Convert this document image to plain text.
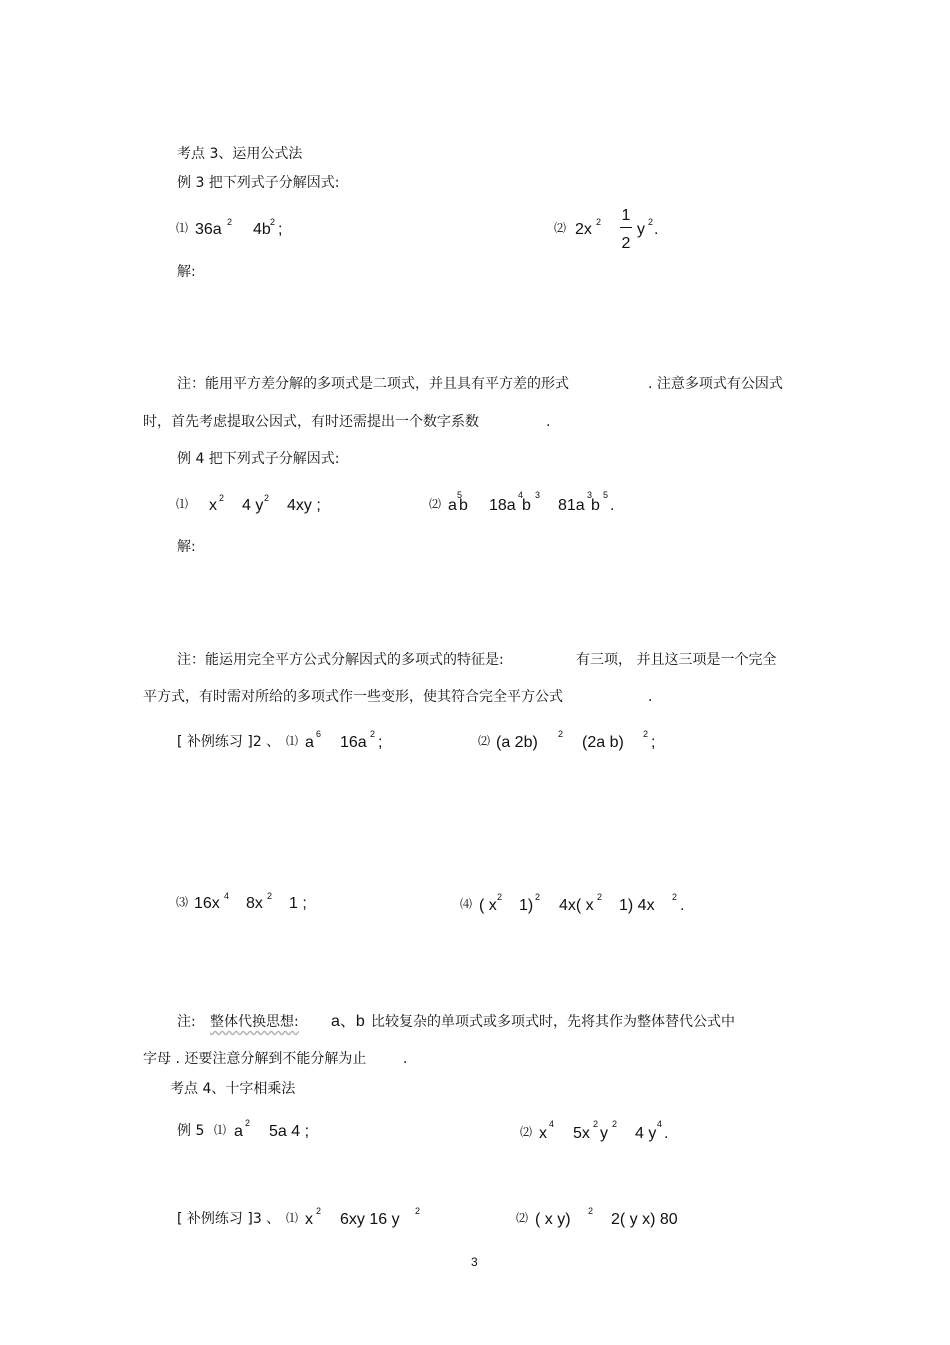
考点 3、运用公式法
例 3 把下列式子分解因式:
⑴ 36a 2 4b 2 ;	⑵ 2x 2 1
2
y 2 .
解:
注：能用平方差分解的多项式是二项式，并且具有平方差的形式	. 注意多项式有公因式
时，首先考虑提取公因式，有时还需提出一个数字系数	.
例 4 把下列式子分解因式:
⑴ x 2 4 y 2 4xy ;	⑵ a
5
b 18a
4
b
3
81a
3
b
5
.
解:
注：能运用完全平方公式分解因式的多项式的特征是:	有三项， 并且这三项是一个完全
平方式，有时需对所给的多项式作一些变形，使其符合完全平方公式	.
[ 补例练习 ]2 、 ⑴ a 6 16a 2 ;	⑵ (a 2b) 2 (2a b) 2 ;
⑶ 16x 4 8x 2 1 ;	⑷ ( x 2 1) 2 4x( x 2 1) 4x 2 .
注: 整体代换思想: a、b 比较复杂的单项式或多项式时，先将其作为整体替代公式中
字母 . 还要注意分解到不能分解为止	.
考点 4、十字相乘法
例 5 ⑴ a 2 5a 4 ;	⑵ x
4
5x
2
y
2
4 y
4
.
[ 补例练习 ]3 、 ⑴ x 2 6xy 16 y 2	⑵ ( x y) 2 2( y x) 80
3
